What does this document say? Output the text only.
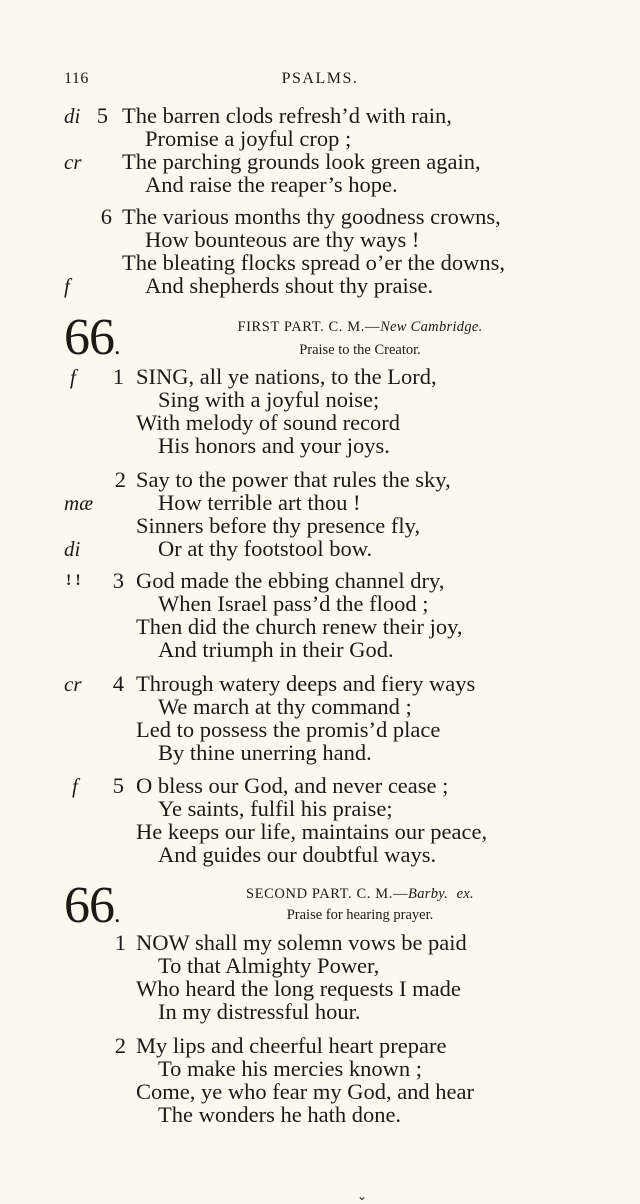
116	PSALMS.
di 5 The barren clods refresh’d with rain,
Promise a joyful crop ;
cr The parching grounds look green again,
And raise the reaper’s hope.
6 The various months thy goodness crowns,
How bounteous are thy ways !
The bleating flocks spread o’er the downs,
f	And shepherds shout thy praise.
66.
FIRST PART. C. M.—New Cambridge.
Praise to the Creator.
f	1 SING, all ye nations, to the Lord,
Sing with a joyful noise;
With melody of sound record
His honors and your joys.
2 Say to the power that rules the sky,
mæ	How terrible art thou !
Sinners before thy presence fly,
di	Or at thy footstool bow.
! !	3 God made the ebbing channel dry,
When Israel pass’d the flood ;
Then did the church renew their joy,
And triumph in their God.
cr	4 Through watery deeps and fiery ways
We march at thy command ;
Led to possess the promis’d place
By thine unerring hand.
f	5 O bless our God, and never cease ;
Ye saints, fulfil his praise;
He keeps our life, maintains our peace,
And guides our doubtful ways.
66.
SECOND PART. C. M.—Barby. ex.
Praise for hearing prayer.
1 NOW shall my solemn vows be paid
To that Almighty Power,
Who heard the long requests I made
In my distressful hour.
2 My lips and cheerful heart prepare
To make his mercies known ;
Come, ye who fear my God, and hear
The wonders he hath done.
⌄
